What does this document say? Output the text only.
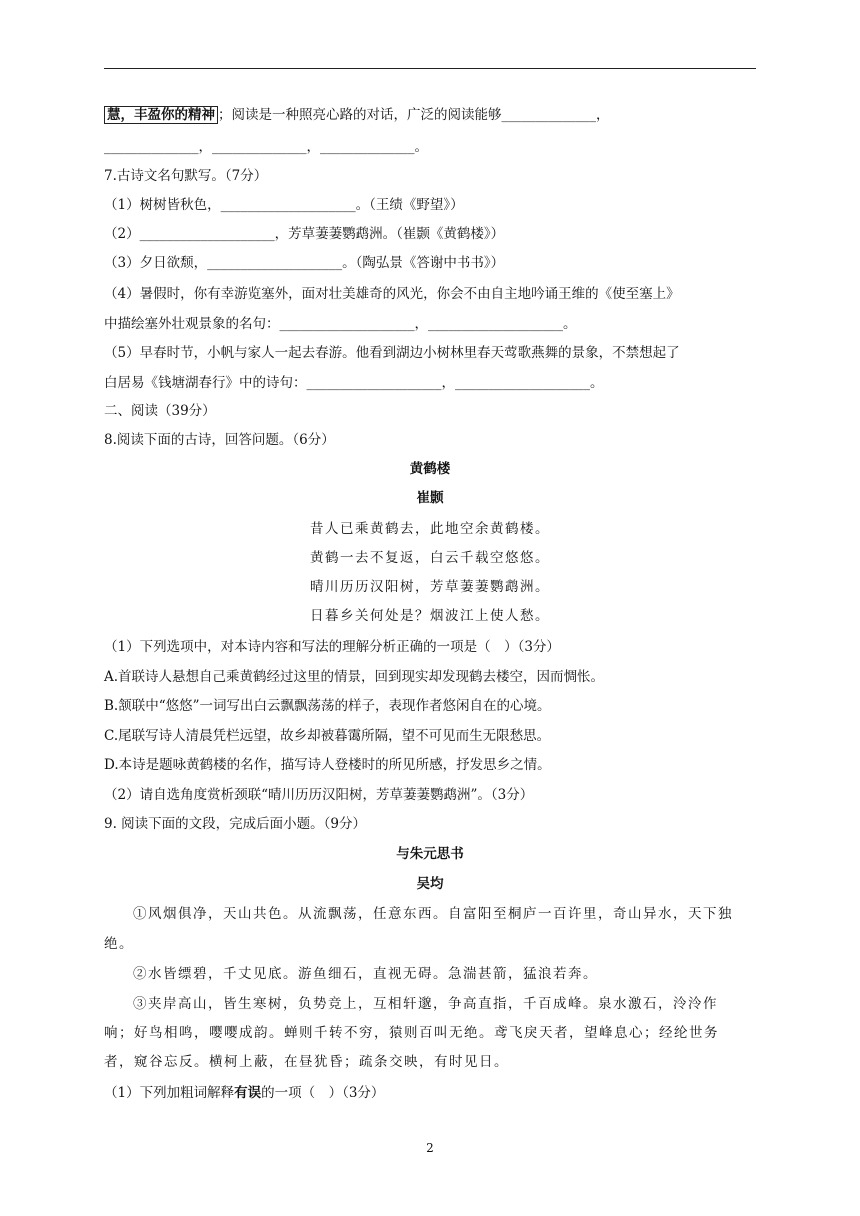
慧，丰盈你的精神 ；阅读是一种照亮心路的对话，广泛的阅读能够______________，
______________，______________，______________。
7.古诗文名句默写。（7分）
（1）树树皆秋色，____________________。（王绩《野望》）
（2）____________________，芳草萋萋鹦鹉洲。（崔颢《黄鹤楼》）
（3）夕日欲颓，____________________。（陶弘景《答谢中书书》）
（4）暑假时，你有幸游览塞外，面对壮美雄奇的风光，你会不由自主地吟诵王维的《使至塞上》
中描绘塞外壮观景象的名句：____________________，____________________。
（5）早春时节，小帆与家人一起去春游。他看到湖边小树林里春天莺歌燕舞的景象，不禁想起了
白居易《钱塘湖春行》中的诗句：____________________，____________________。
二、阅读（39分）
8.阅读下面的古诗，回答问题。（6分）
黄鹤楼
崔颢
昔人已乘黄鹤去，此地空余黄鹤楼。
黄鹤一去不复返，白云千载空悠悠。
晴川历历汉阳树，芳草萋萋鹦鹉洲。
日暮乡关何处是？烟波江上使人愁。
（1）下列选项中，对本诗内容和写法的理解分析正确的一项是（　）（3分）
A.首联诗人悬想自己乘黄鹤经过这里的情景，回到现实却发现鹤去楼空，因而惆怅。
B.颔联中“悠悠”一词写出白云飘飘荡荡的样子，表现作者悠闲自在的心境。
C.尾联写诗人清晨凭栏远望，故乡却被暮霭所隔，望不可见而生无限愁思。
D.本诗是题咏黄鹤楼的名作，描写诗人登楼时的所见所感，抒发思乡之情。
（2）请自选角度赏析颈联“晴川历历汉阳树，芳草萋萋鹦鹉洲”。（3分）
9. 阅读下面的文段，完成后面小题。（9分）
与朱元思书
吴均
①风烟俱净，天山共色。从流飘荡，任意东西。自富阳至桐庐一百许里，奇山异水，天下独
绝。
②水皆缥碧，千丈见底。游鱼细石，直视无碍。急湍甚箭，猛浪若奔。
③夹岸高山，皆生寒树，负势竞上，互相轩邈，争高直指，千百成峰。泉水激石，泠泠作
响；好鸟相鸣，嘤嘤成韵。蝉则千转不穷，猿则百叫无绝。鸢飞戾天者，望峰息心；经纶世务
者，窥谷忘反。横柯上蔽，在昼犹昏；疏条交映，有时见日。
（1）下列加粗词解释有误的一项（　）（3分）
2
